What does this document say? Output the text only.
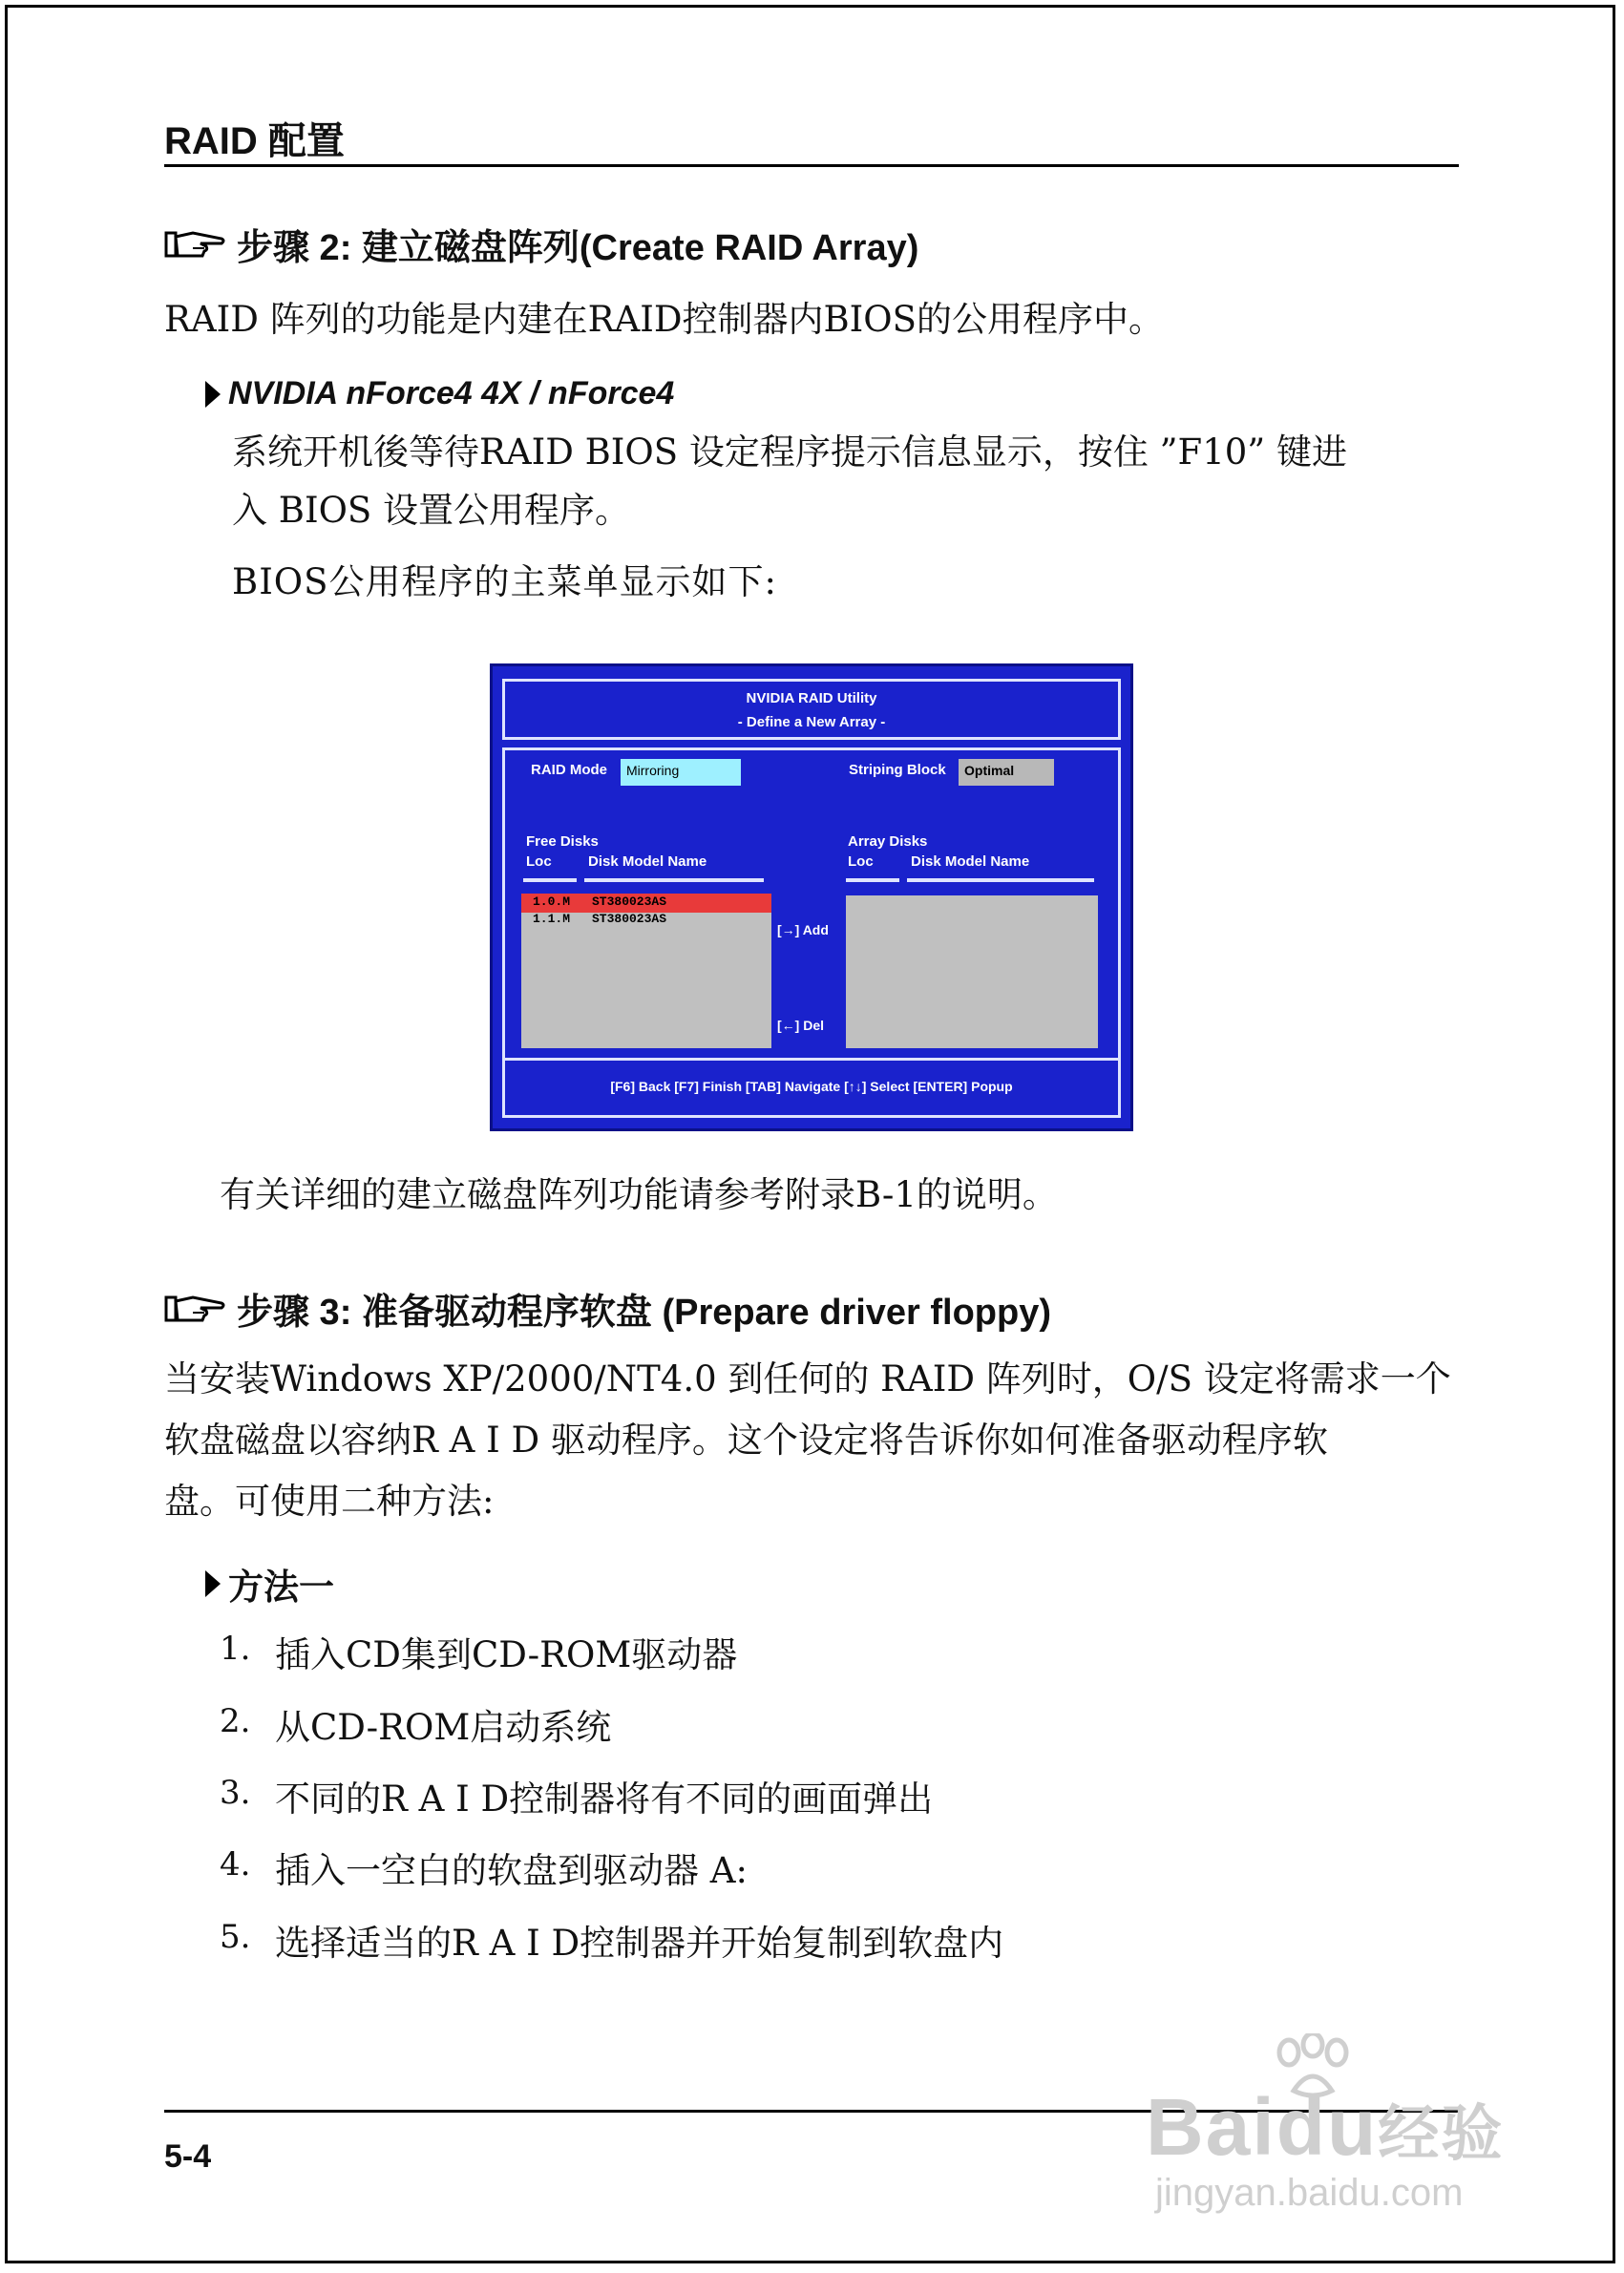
RAID 配置
步骤 2: 建立磁盘阵列(Create RAID Array)
RAID 阵列的功能是内建在RAID控制器内BIOS的公用程序中。
NVIDIA nForce4 4X / nForce4
系统开机後等待RAID BIOS 设定程序提示信息显示，按住 ”F10” 键进
入 BIOS 设置公用程序。
BIOS公用程序的主菜单显示如下:
NVIDIA RAID Utility
- Define a New Array -
RAID Mode	Mirroring	Striping Block	Optimal
Free Disks
Loc	Disk Model Name
1.0.M ST380023AS
1.1.M ST380023AS
[→] Add
[←] Del
Array Disks
Loc	Disk Model Name
[F6] Back [F7] Finish [TAB] Navigate [↑↓] Select [ENTER] Popup
有关详细的建立磁盘阵列功能请参考附录B-1的说明。
步骤 3: 准备驱动程序软盘 (Prepare driver floppy)
当安装Windows XP/2000/NT4.0 到任何的 RAID 阵列时，O/S 设定将需求一个
软盘磁盘以容纳R A I D 驱动程序。这个设定将告诉你如何准备驱动程序软
盘。可使用二种方法:
方法一
1. 插入CD集到CD-ROM驱动器
2. 从CD-ROM启动系统
3. 不同的R A I D控制器将有不同的画面弹出
4. 插入一空白的软盘到驱动器 A:
5. 选择适当的R A I D控制器并开始复制到软盘内
5-4	Baidu经验
jingyan.baidu.com
